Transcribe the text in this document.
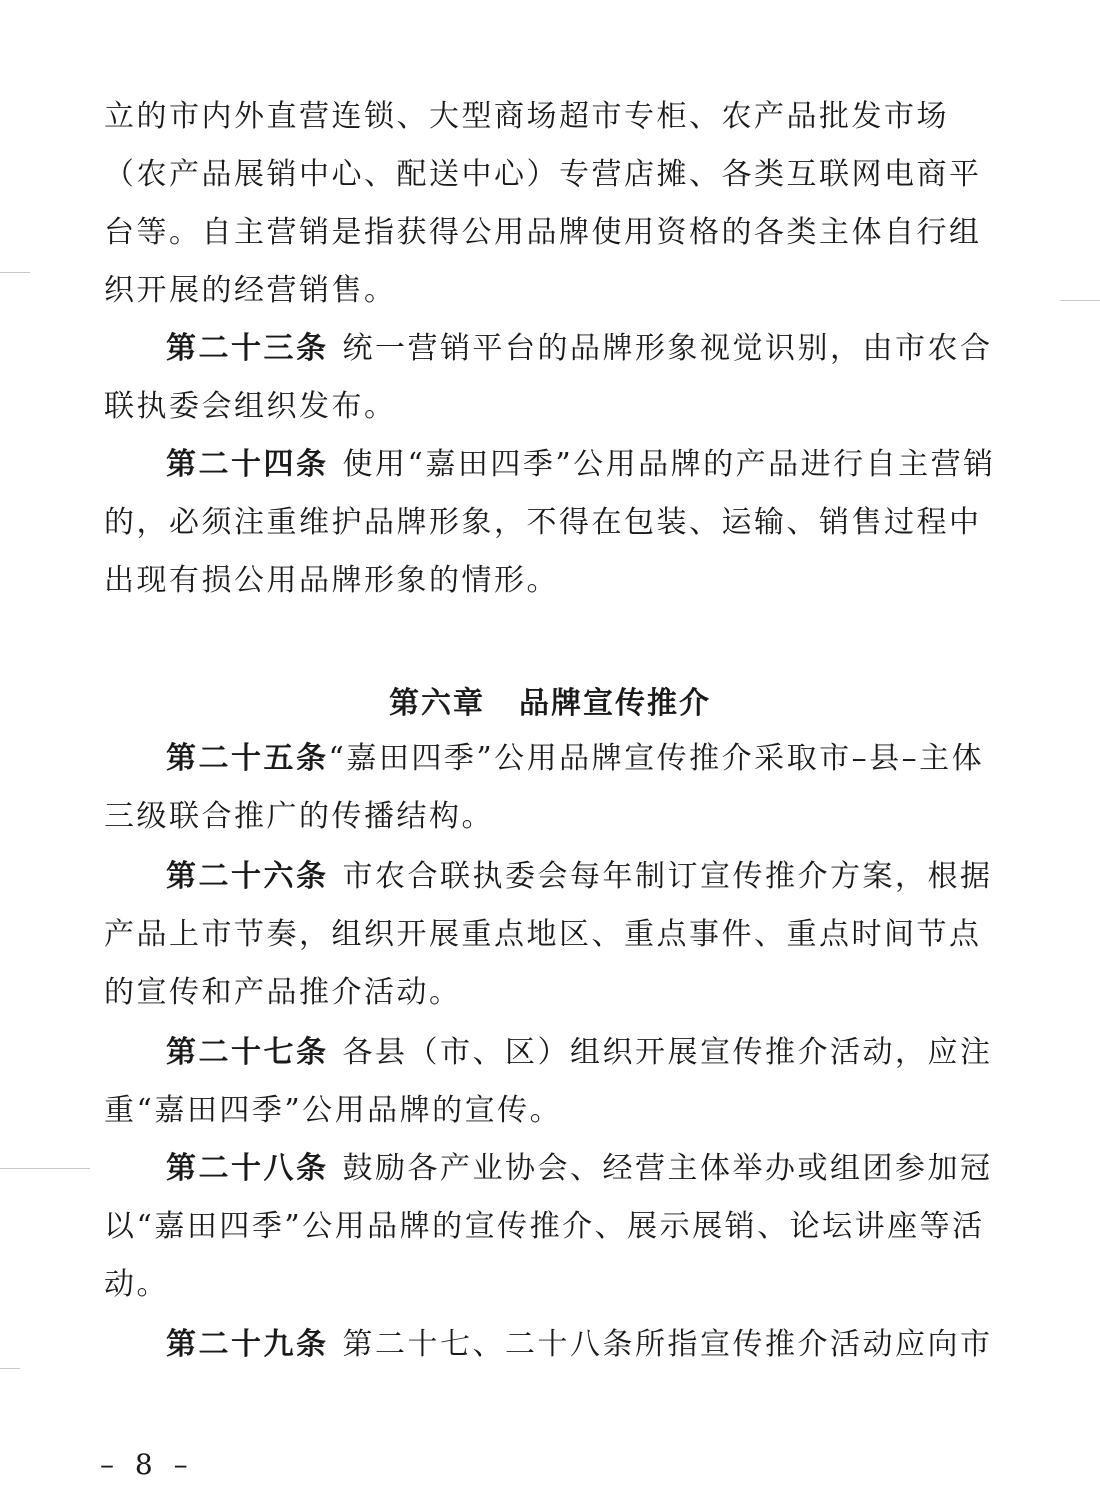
立的市内外直营连锁、大型商场超市专柜、农产品批发市场（农产品展销中心、配送中心）专营店摊、各类互联网电商平台等。自主营销是指获得公用品牌使用资格的各类主体自行组织开展的经营销售。

第二十三条 统一营销平台的品牌形象视觉识别，由市农合联执委会组织发布。

第二十四条 使用“嘉田四季”公用品牌的产品进行自主营销的，必须注重维护品牌形象，不得在包装、运输、销售过程中出现有损公用品牌形象的情形。

第六章 品牌宣传推介

第二十五条“嘉田四季”公用品牌宣传推介采取市–县–主体三级联合推广的传播结构。

第二十六条 市农合联执委会每年制订宣传推介方案，根据产品上市节奏，组织开展重点地区、重点事件、重点时间节点的宣传和产品推介活动。

第二十七条 各县（市、区）组织开展宣传推介活动，应注重“嘉田四季”公用品牌的宣传。

第二十八条 鼓励各产业协会、经营主体举办或组团参加冠以“嘉田四季”公用品牌的宣传推介、展示展销、论坛讲座等活动。

第二十九条 第二十七、二十八条所指宣传推介活动应向市

– 8 –
